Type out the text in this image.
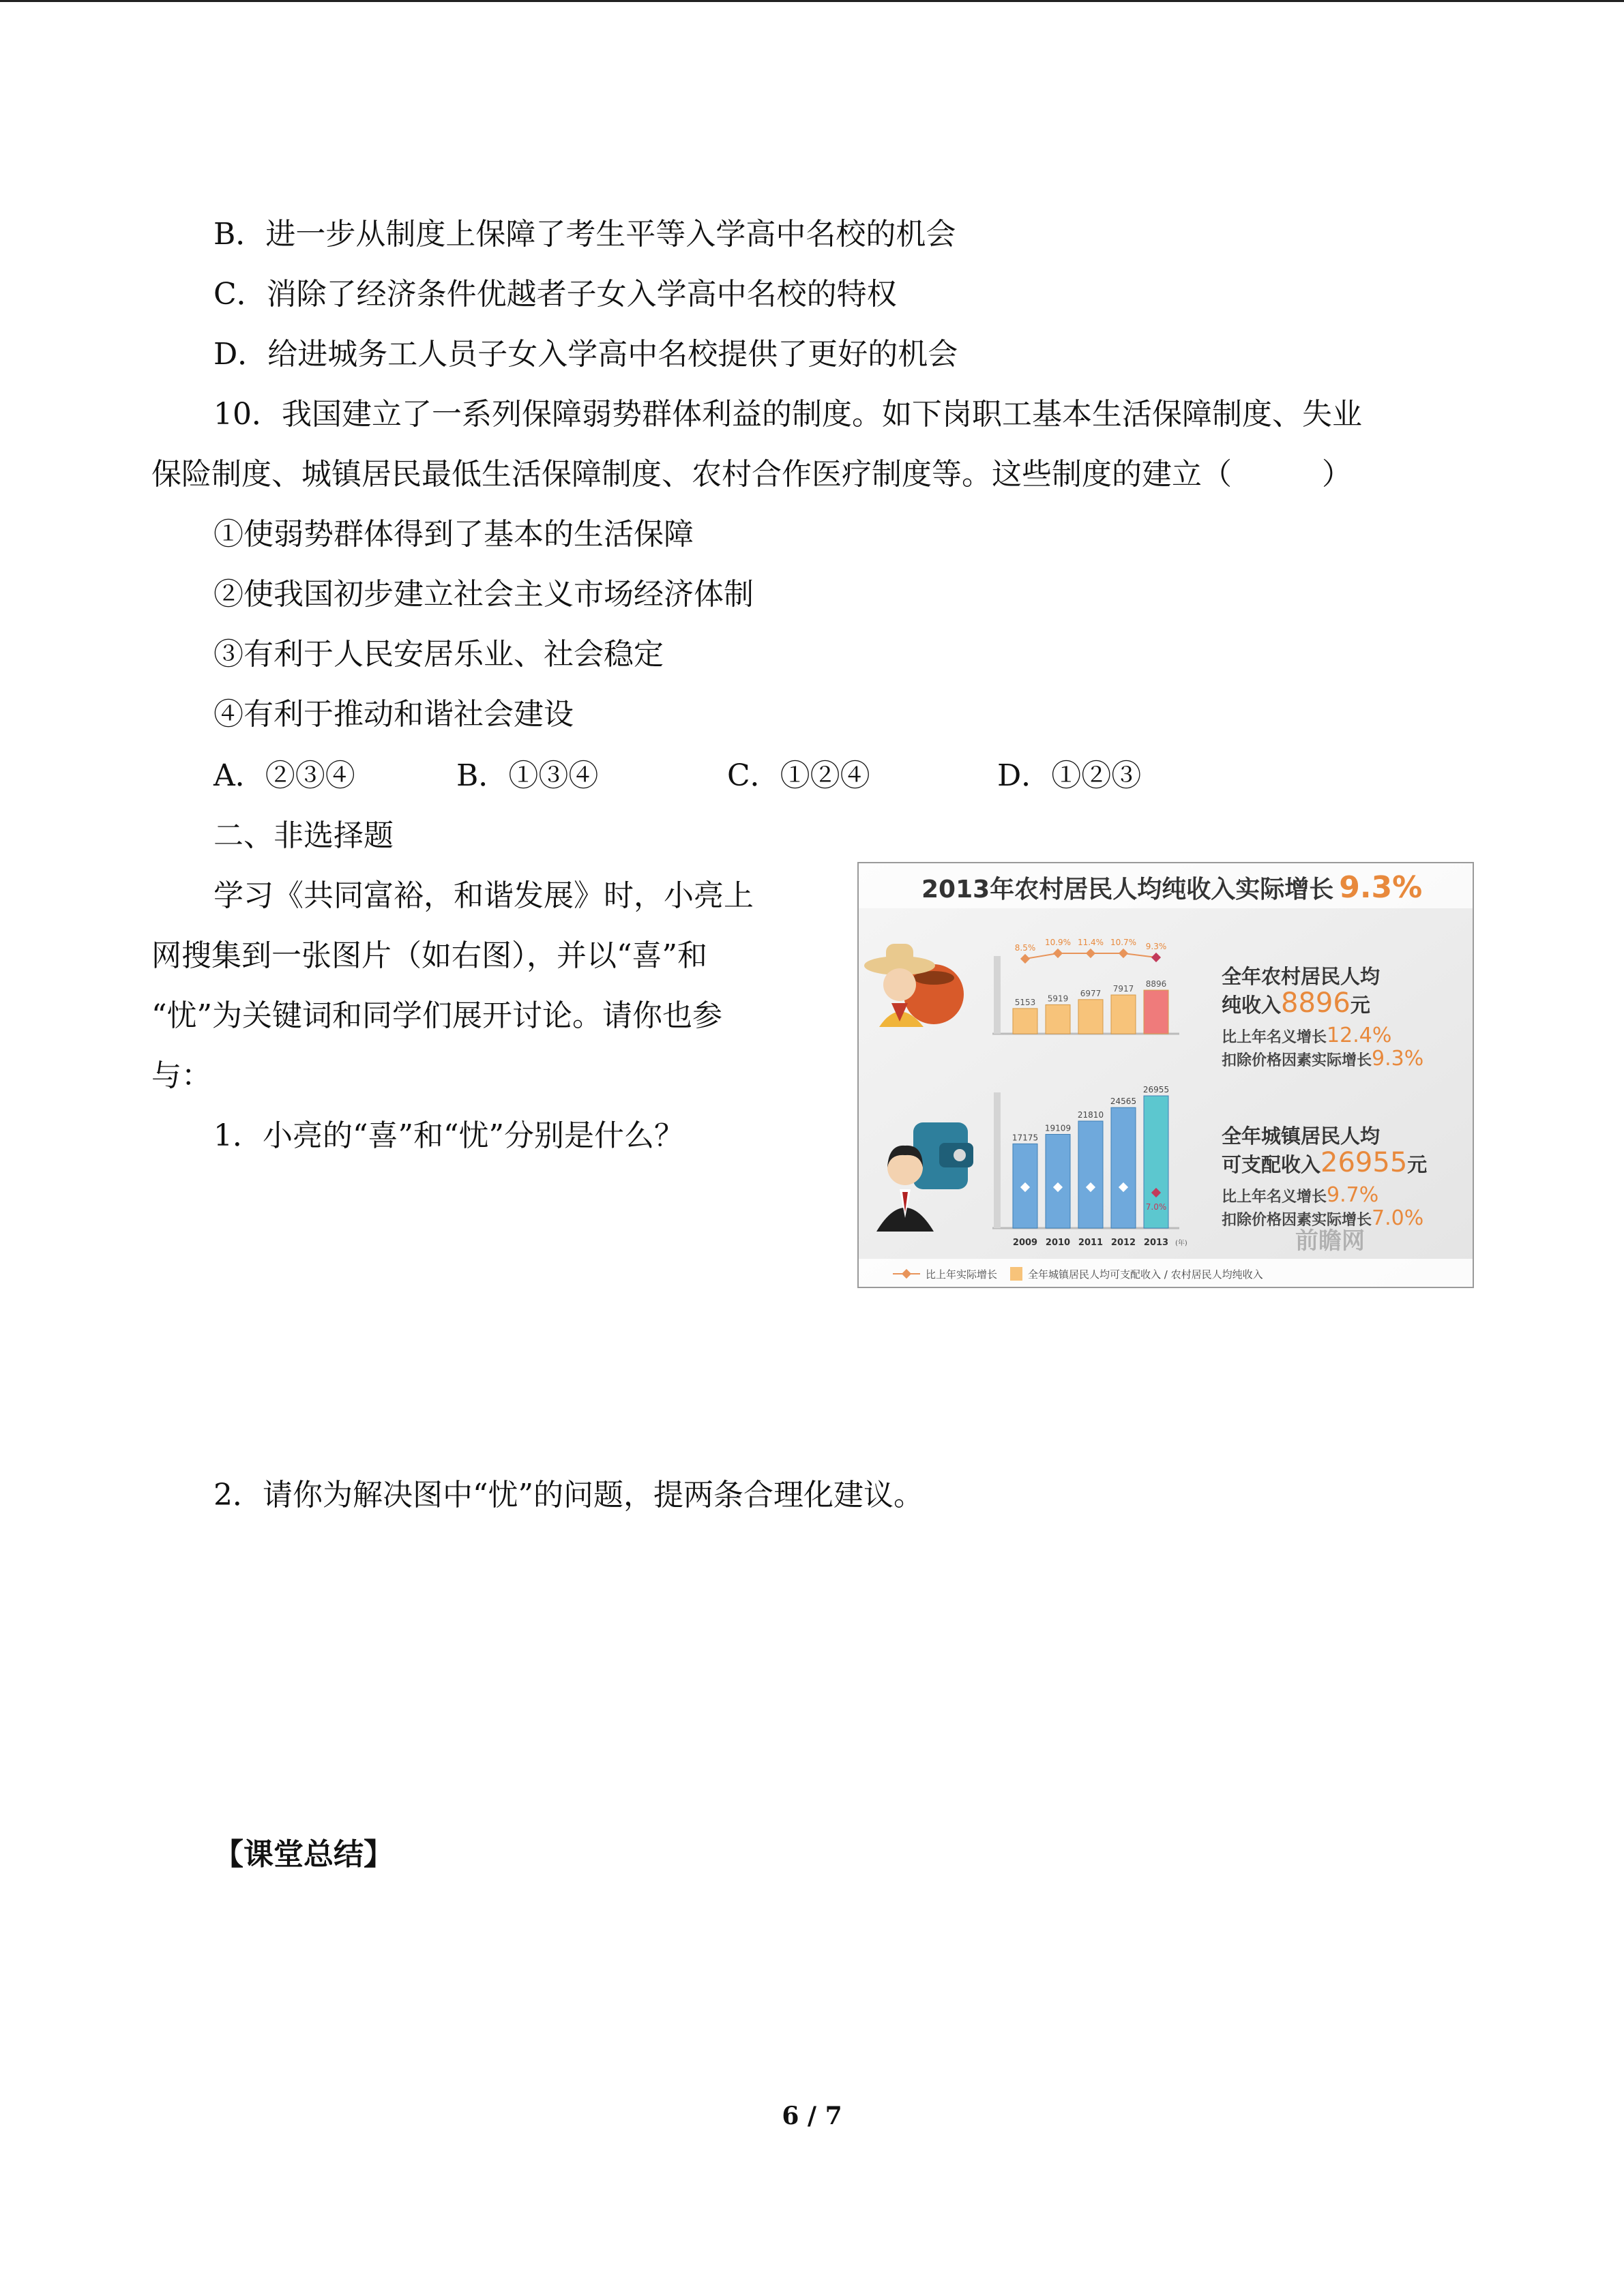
B．进一步从制度上保障了考生平等入学高中名校的机会
C．消除了经济条件优越者子女入学高中名校的特权
D．给进城务工人员子女入学高中名校提供了更好的机会
10．我国建立了一系列保障弱势群体利益的制度。如下岗职工基本生活保障制度、失业
保险制度、城镇居民最低生活保障制度、农村合作医疗制度等。这些制度的建立（　　　）
①使弱势群体得到了基本的生活保障
②使我国初步建立社会主义市场经济体制
③有利于人民安居乐业、社会稳定
④有利于推动和谐社会建设
A．②③④	B．①③④	C．①②④	D．①②③
二、非选择题
学习《共同富裕，和谐发展》时，小亮上
网搜集到一张图片（如右图），并以“喜”和
“忧”为关键词和同学们展开讨论。请你也参
与：
1．小亮的“喜”和“忧”分别是什么？
2013年农村居民人均纯收入实际增长 9.3%
5153 5919
6977 7917
8896
8.5%
10.9% 11.4% 10.7% 9.3%
17175
2009
19109
2010
21810
2011
24565
2012
26955
2013 (年)
7.0%
全年农村居民人均
纯收入8896元
比上年名义增长12.4%
扣除价格因素实际增长9.3%
全年城镇居民人均
可支配收入26955元
比上年名义增长9.7%
扣除价格因素实际增长7.0%
前瞻网
比上年实际增长	全年城镇居民人均可支配收入 / 农村居民人均纯收入
2．请你为解决图中“忧”的问题，提两条合理化建议。
【课堂总结】
6 / 7
